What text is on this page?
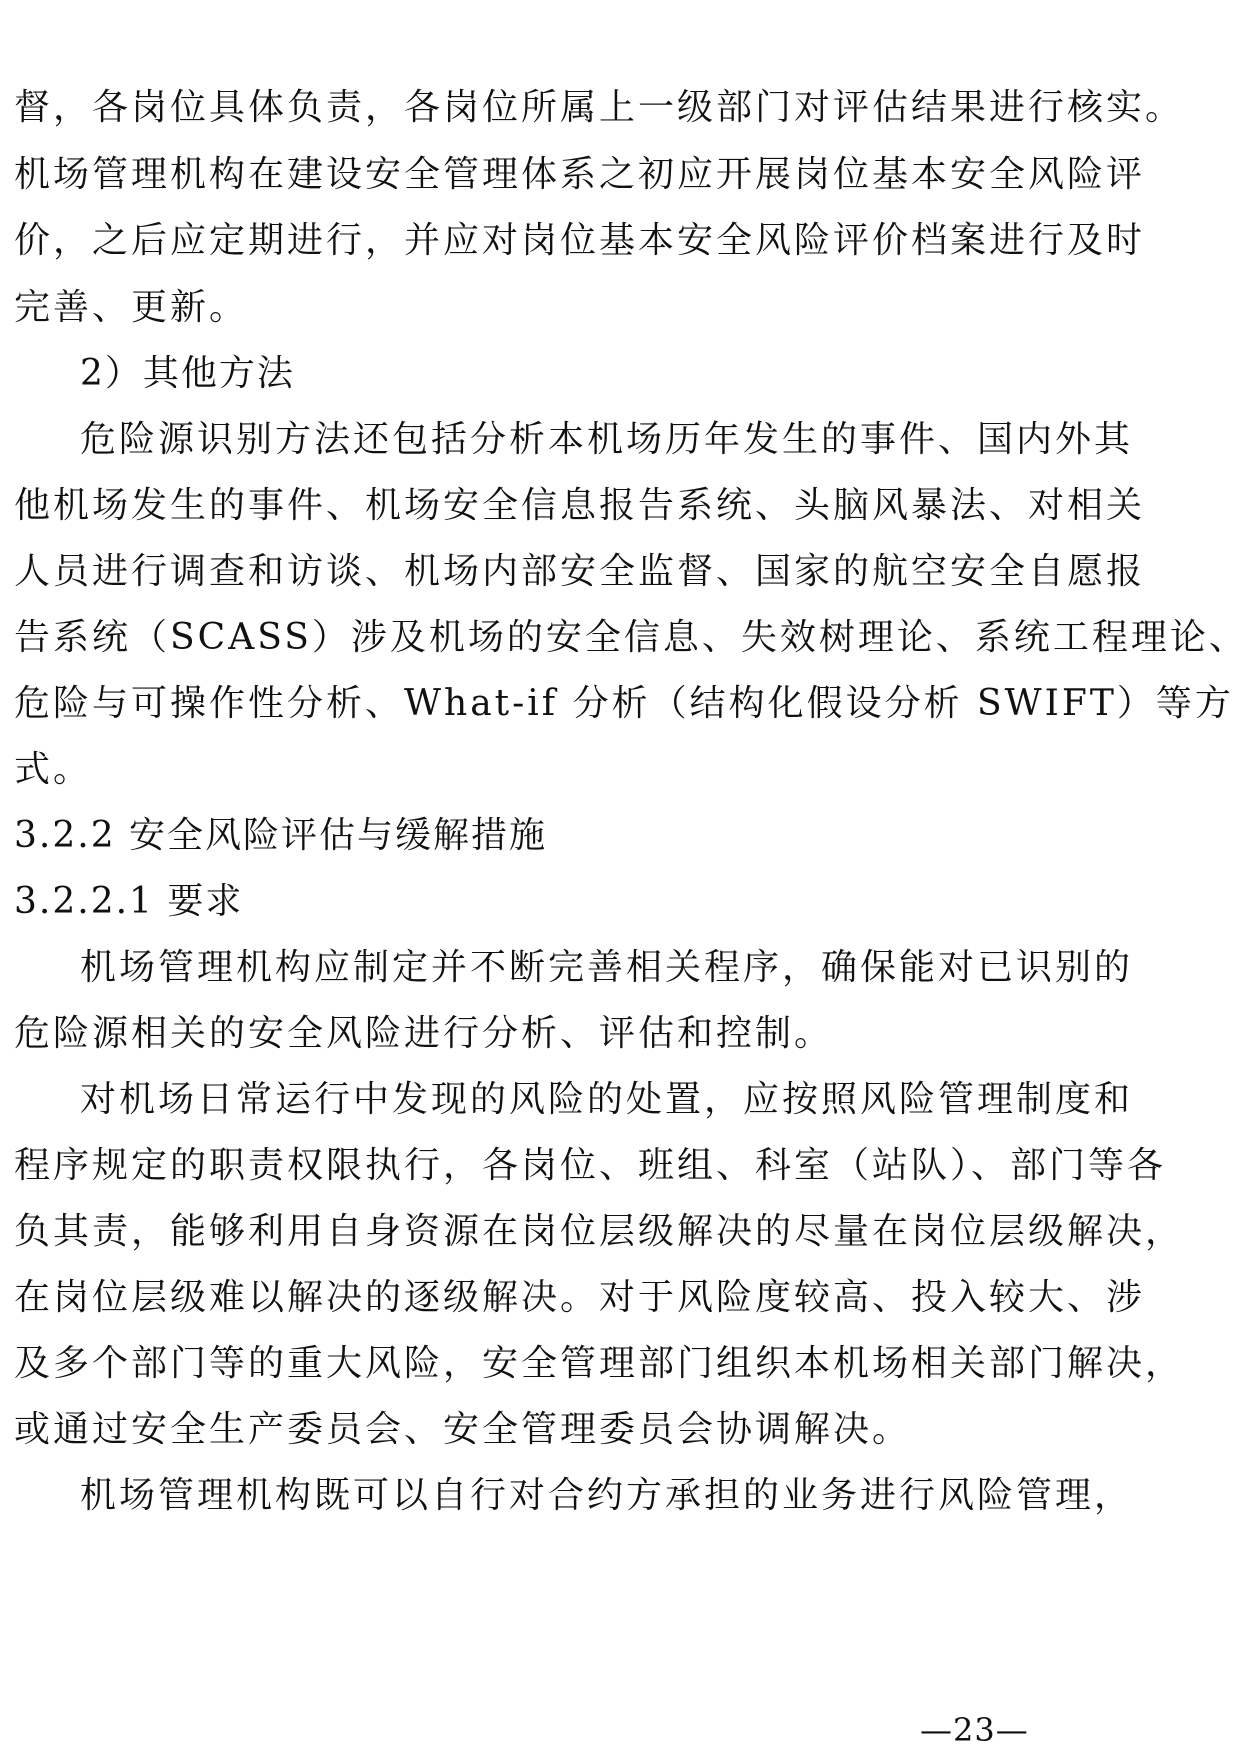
督，各岗位具体负责，各岗位所属上一级部门对评估结果进行核实。
机场管理机构在建设安全管理体系之初应开展岗位基本安全风险评
价，之后应定期进行，并应对岗位基本安全风险评价档案进行及时
完善、更新。
2）其他方法
危险源识别方法还包括分析本机场历年发生的事件、国内外其
他机场发生的事件、机场安全信息报告系统、头脑风暴法、对相关
人员进行调查和访谈、机场内部安全监督、国家的航空安全自愿报
告系统（SCASS）涉及机场的安全信息、失效树理论、系统工程理论、
危险与可操作性分析、What-if 分析（结构化假设分析 SWIFT）等方
式。
3.2.2 安全风险评估与缓解措施
3.2.2.1 要求
机场管理机构应制定并不断完善相关程序，确保能对已识别的
危险源相关的安全风险进行分析、评估和控制。
对机场日常运行中发现的风险的处置，应按照风险管理制度和
程序规定的职责权限执行，各岗位、班组、科室（站队）、部门等各
负其责，能够利用自身资源在岗位层级解决的尽量在岗位层级解决，
在岗位层级难以解决的逐级解决。对于风险度较高、投入较大、涉
及多个部门等的重大风险，安全管理部门组织本机场相关部门解决，
或通过安全生产委员会、安全管理委员会协调解决。
机场管理机构既可以自行对合约方承担的业务进行风险管理，
—23—
